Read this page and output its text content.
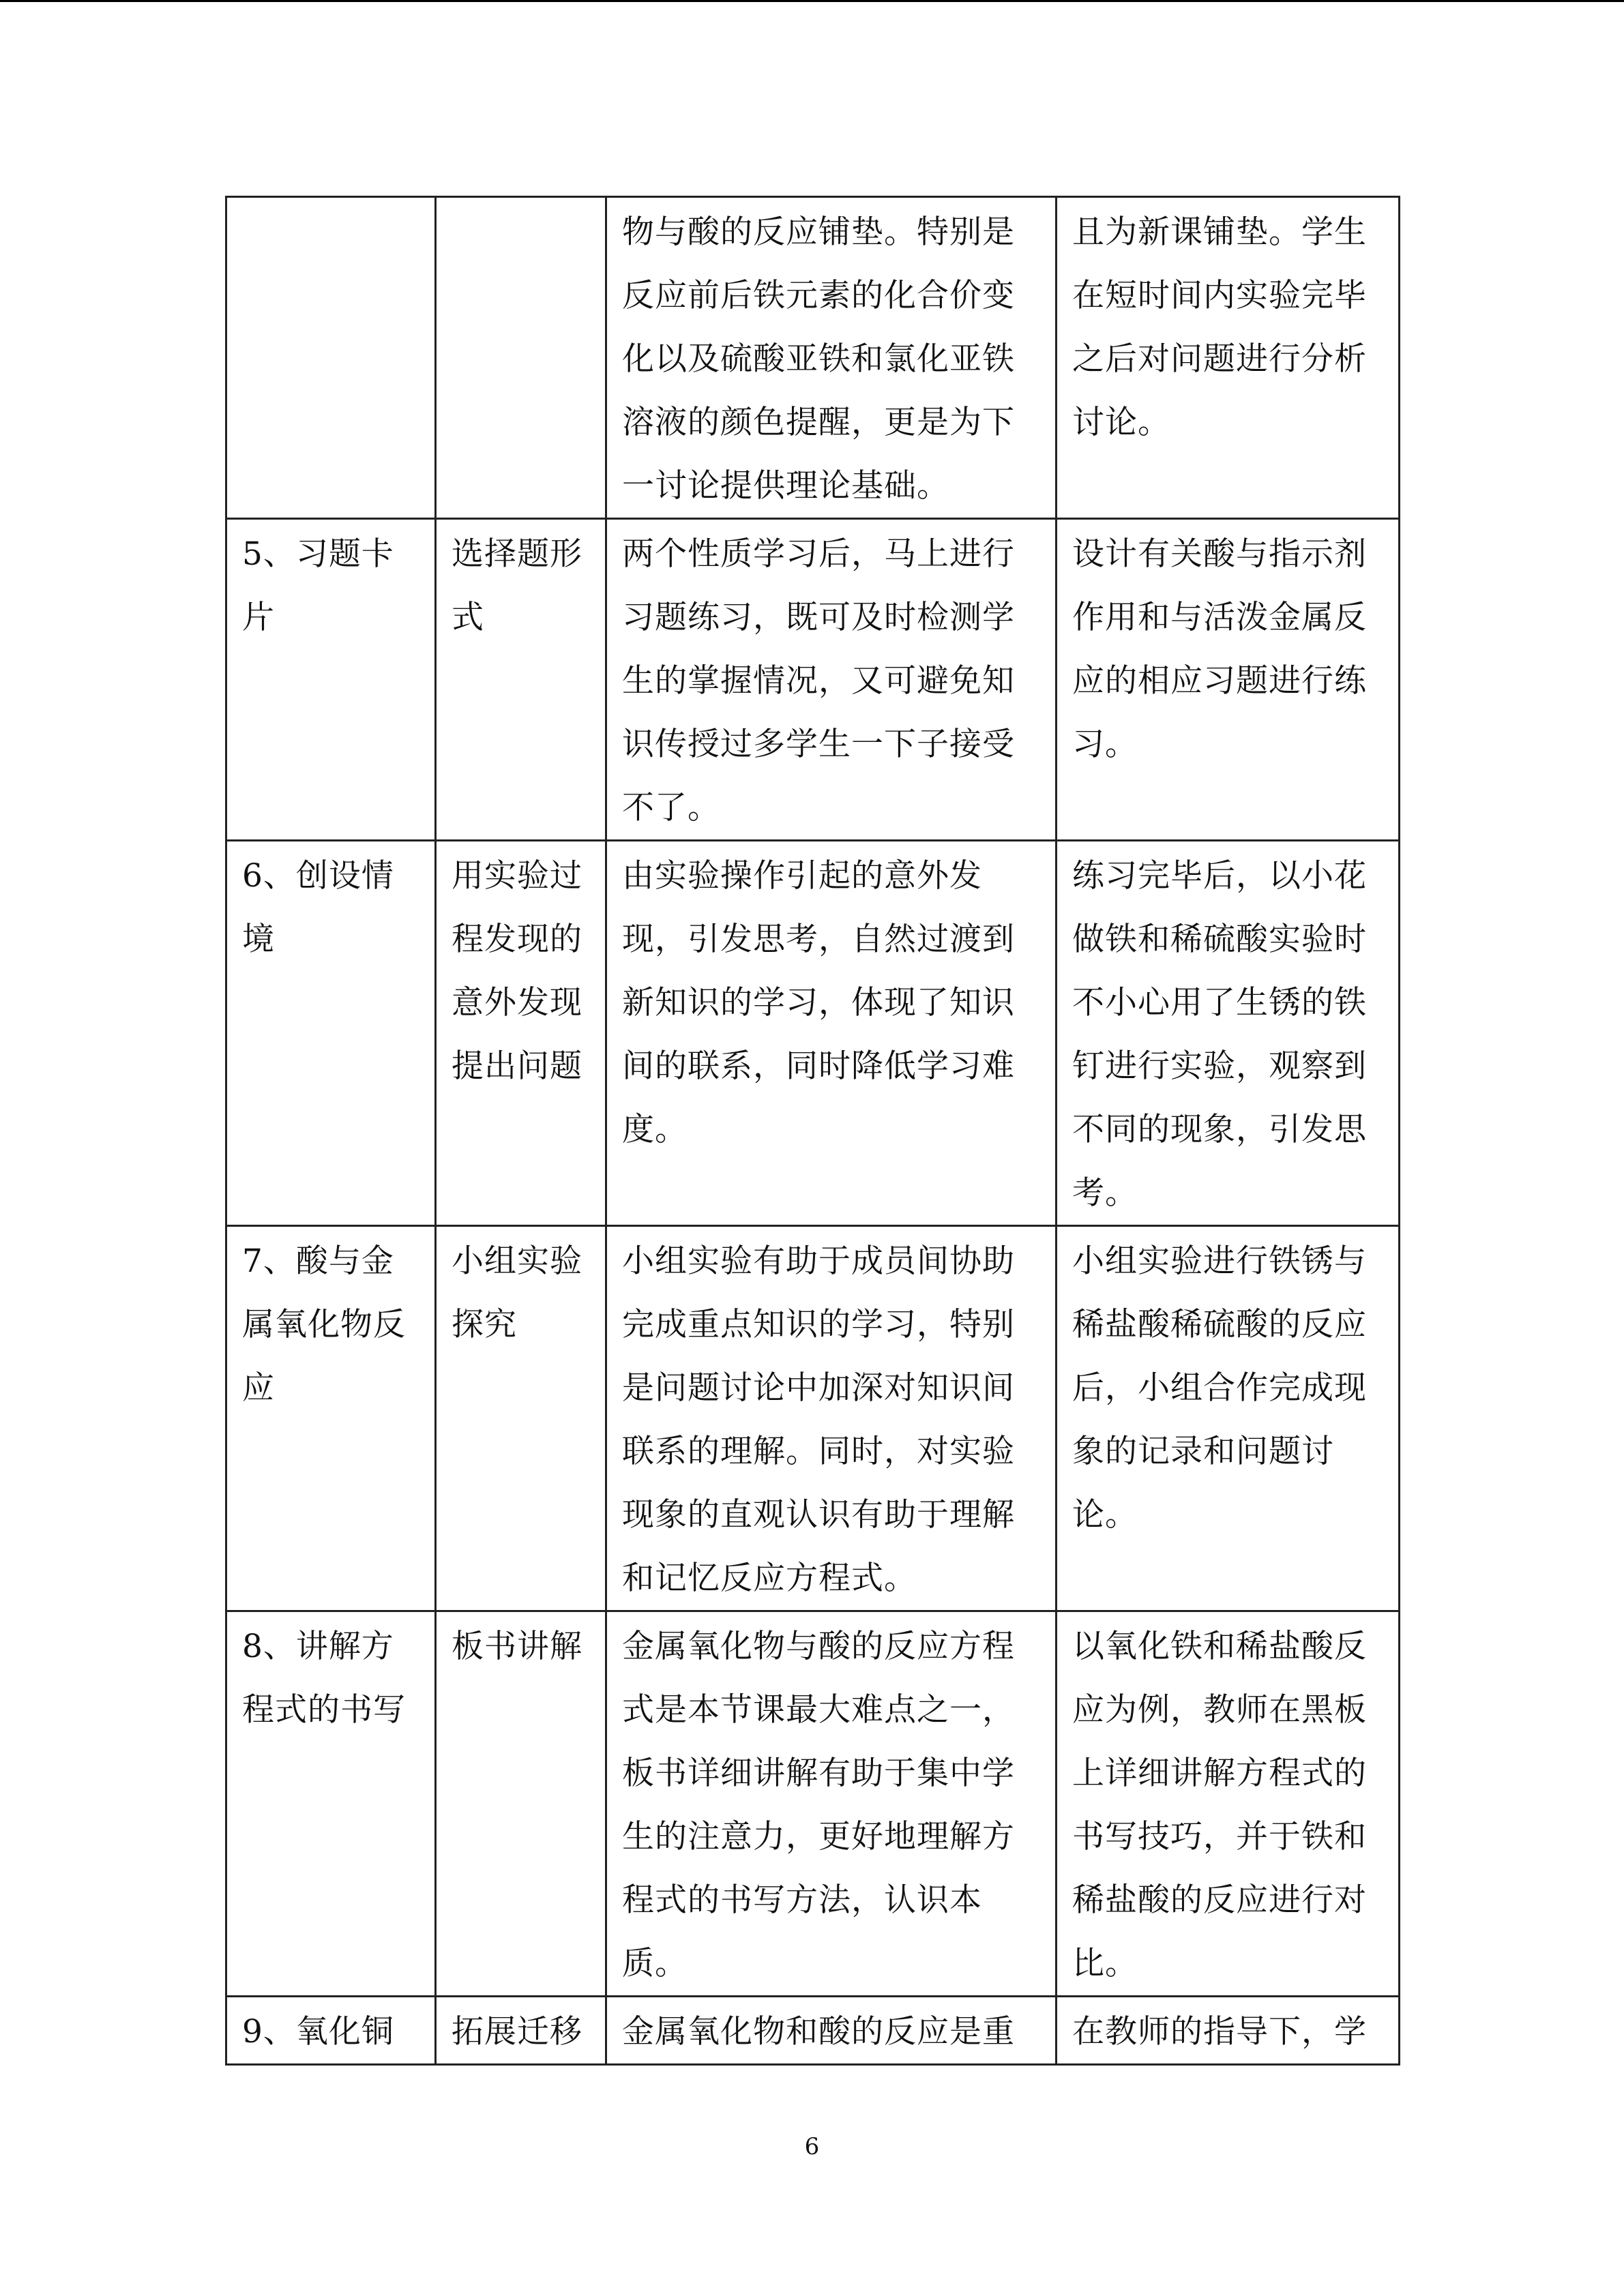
		物与酸的反应铺垫。特别是反应前后铁元素的化合价变化以及硫酸亚铁和氯化亚铁溶液的颜色提醒，更是为下一讨论提供理论基础。	且为新课铺垫。学生在短时间内实验完毕之后对问题进行分析讨论。
5、习题卡片	选择题形式	两个性质学习后，马上进行习题练习，既可及时检测学生的掌握情况，又可避免知识传授过多学生一下子接受不了。	设计有关酸与指示剂作用和与活泼金属反应的相应习题进行练习。
6、创设情境	用实验过程发现的意外发现提出问题	由实验操作引起的意外发现，引发思考，自然过渡到新知识的学习，体现了知识间的联系，同时降低学习难度。	练习完毕后，以小花做铁和稀硫酸实验时不小心用了生锈的铁钉进行实验，观察到不同的现象，引发思考。
7、酸与金属氧化物反应	小组实验探究	小组实验有助于成员间协助完成重点知识的学习，特别是问题讨论中加深对知识间联系的理解。同时，对实验现象的直观认识有助于理解和记忆反应方程式。	小组实验进行铁锈与稀盐酸稀硫酸的反应后，小组合作完成现象的记录和问题讨论。
8、讲解方程式的书写	板书讲解	金属氧化物与酸的反应方程式是本节课最大难点之一，板书详细讲解有助于集中学生的注意力，更好地理解方程式的书写方法，认识本质。	以氧化铁和稀盐酸反应为例，教师在黑板上详细讲解方程式的书写技巧，并于铁和稀盐酸的反应进行对比。
9、氧化铜	拓展迁移	金属氧化物和酸的反应是重	在教师的指导下，学
6
